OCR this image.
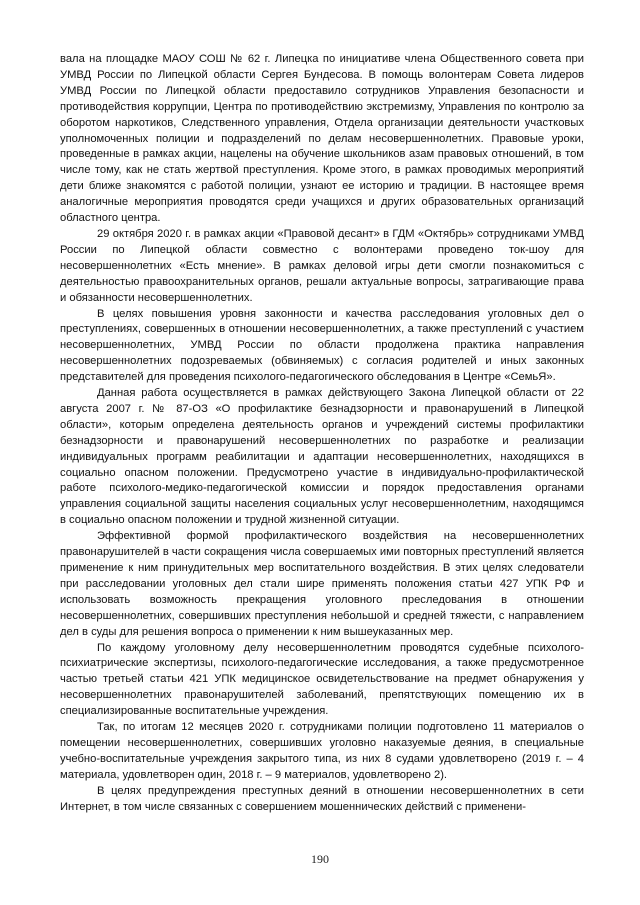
вала на площадке МАОУ СОШ № 62 г. Липецка по инициативе члена Общественного совета при УМВД России по Липецкой области Сергея Бундесова. В помощь волонтерам Совета лидеров УМВД России по Липецкой области предоставило сотрудников Управления безопасности и противодействия коррупции, Центра по противодействию экстремизму, Управления по контролю за оборотом наркотиков, Следственного управления, Отдела организации деятельности участковых уполномоченных полиции и подразделений по делам несовершеннолетних. Правовые уроки, проведенные в рамках акции, нацелены на обучение школьников азам правовых отношений, в том числе тому, как не стать жертвой преступления. Кроме этого, в рамках проводимых мероприятий дети ближе знакомятся с работой полиции, узнают ее историю и традиции. В настоящее время аналогичные мероприятия проводятся среди учащихся и других образовательных организаций областного центра.

29 октября 2020 г. в рамках акции «Правовой десант» в ГДМ «Октябрь» сотрудниками УМВД России по Липецкой области совместно с волонтерами проведено ток-шоу для несовершеннолетних «Есть мнение». В рамках деловой игры дети смогли познакомиться с деятельностью правоохранительных органов, решали актуальные вопросы, затрагивающие права и обязанности несовершеннолетних.

В целях повышения уровня законности и качества расследования уголовных дел о преступлениях, совершенных в отношении несовершеннолетних, а также преступлений с участием несовершеннолетних, УМВД России по области продолжена практика направления несовершеннолетних подозреваемых (обвиняемых) с согласия родителей и иных законных представителей для проведения психолого-педагогического обследования в Центре «СемьЯ».

Данная работа осуществляется в рамках действующего Закона Липецкой области от 22 августа 2007 г. № 87-ОЗ «О профилактике безнадзорности и правонарушений в Липецкой области», которым определена деятельность органов и учреждений системы профилактики безнадзорности и правонарушений несовершеннолетних по разработке и реализации индивидуальных программ реабилитации и адаптации несовершеннолетних, находящихся в социально опасном положении. Предусмотрено участие в индивидуально-профилактической работе психолого-медико-педагогической комиссии и порядок предоставления органами управления социальной защиты населения социальных услуг несовершеннолетним, находящимся в социально опасном положении и трудной жизненной ситуации.

Эффективной формой профилактического воздействия на несовершеннолетних правонарушителей в части сокращения числа совершаемых ими повторных преступлений является применение к ним принудительных мер воспитательного воздействия. В этих целях следователи при расследовании уголовных дел стали шире применять положения статьи 427 УПК РФ и использовать возможность прекращения уголовного преследования в отношении несовершеннолетних, совершивших преступления небольшой и средней тяжести, с направлением дел в суды для решения вопроса о применении к ним вышеуказанных мер.

По каждому уголовному делу несовершеннолетним проводятся судебные психолого-психиатрические экспертизы, психолого-педагогические исследования, а также предусмотренное частью третьей статьи 421 УПК медицинское освидетельствование на предмет обнаружения у несовершеннолетних правонарушителей заболеваний, препятствующих помещению их в специализированные воспитательные учреждения.

Так, по итогам 12 месяцев 2020 г. сотрудниками полиции подготовлено 11 материалов о помещении несовершеннолетних, совершивших уголовно наказуемые деяния, в специальные учебно-воспитательные учреждения закрытого типа, из них 8 судами удовлетворено (2019 г. – 4 материала, удовлетворен один, 2018 г. – 9 материалов, удовлетворено 2).

В целях предупреждения преступных деяний в отношении несовершеннолетних в сети Интернет, в том числе связанных с совершением мошеннических действий с применени-

190
